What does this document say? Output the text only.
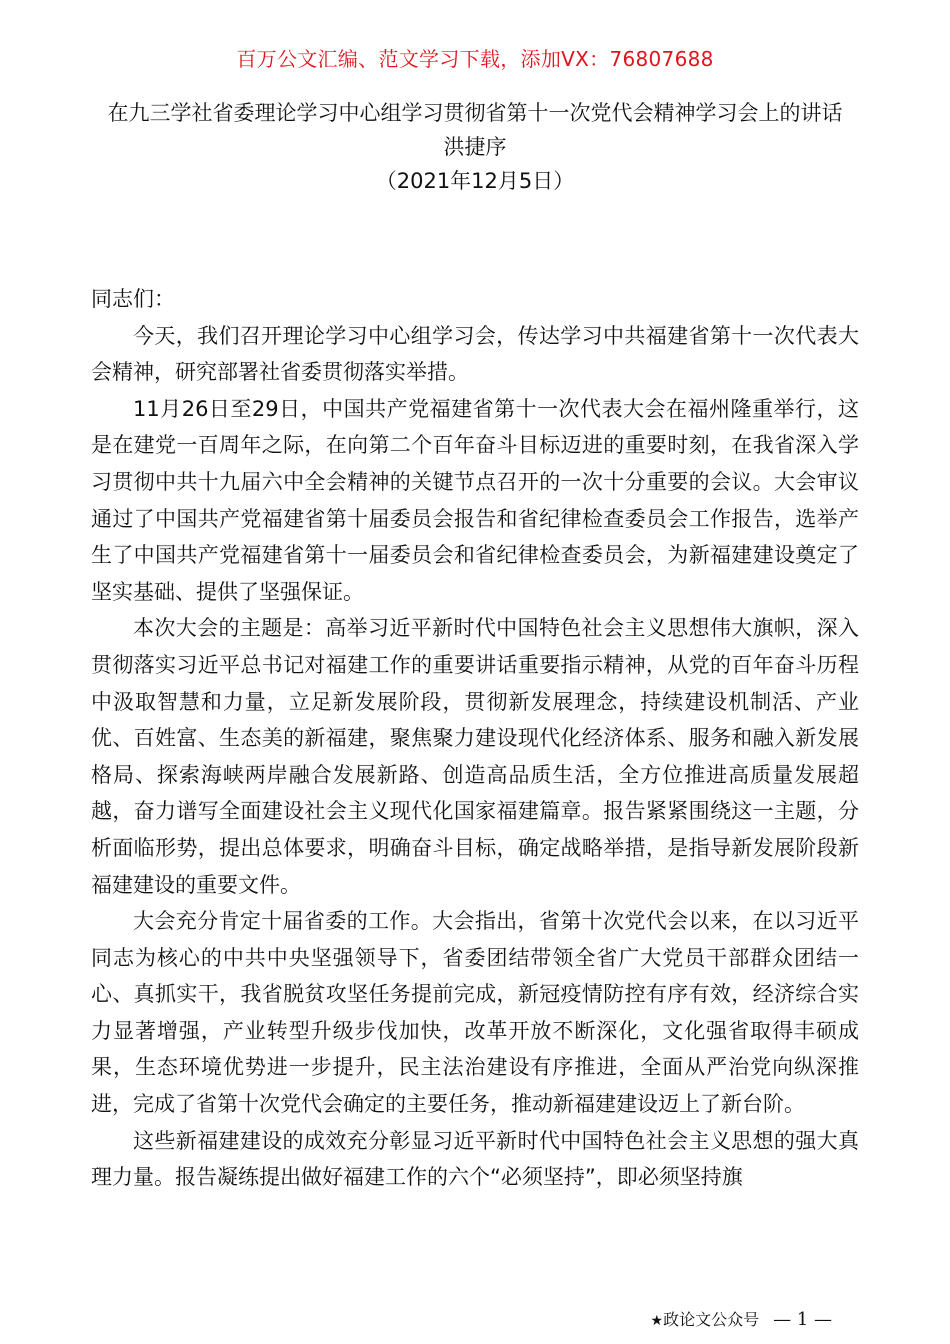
百万公文汇编、范文学习下载，添加VX：76807688
在九三学社省委理论学习中心组学习贯彻省第十一次党代会精神学习会上的讲话

洪捷序

（2021年12月5日）

同志们：

今天，我们召开理论学习中心组学习会，传达学习中共福建省第十一次代表大会精神，研究部署社省委贯彻落实举措。

11月26日至29日，中国共产党福建省第十一次代表大会在福州隆重举行，这是在建党一百周年之际，在向第二个百年奋斗目标迈进的重要时刻，在我省深入学习贯彻中共十九届六中全会精神的关键节点召开的一次十分重要的会议。大会审议通过了中国共产党福建省第十届委员会报告和省纪律检查委员会工作报告，选举产生了中国共产党福建省第十一届委员会和省纪律检查委员会，为新福建建设奠定了坚实基础、提供了坚强保证。

本次大会的主题是：高举习近平新时代中国特色社会主义思想伟大旗帜，深入贯彻落实习近平总书记对福建工作的重要讲话重要指示精神，从党的百年奋斗历程中汲取智慧和力量，立足新发展阶段，贯彻新发展理念，持续建设机制活、产业优、百姓富、生态美的新福建，聚焦聚力建设现代化经济体系、服务和融入新发展格局、探索海峡两岸融合发展新路、创造高品质生活，全方位推进高质量发展超越，奋力谱写全面建设社会主义现代化国家福建篇章。报告紧紧围绕这一主题，分析面临形势，提出总体要求，明确奋斗目标，确定战略举措，是指导新发展阶段新福建建设的重要文件。

大会充分肯定十届省委的工作。大会指出，省第十次党代会以来，在以习近平同志为核心的中共中央坚强领导下，省委团结带领全省广大党员干部群众团结一心、真抓实干，我省脱贫攻坚任务提前完成，新冠疫情防控有序有效，经济综合实力显著增强，产业转型升级步伐加快，改革开放不断深化，文化强省取得丰硕成果，生态环境优势进一步提升，民主法治建设有序推进，全面从严治党向纵深推进，完成了省第十次党代会确定的主要任务，推动新福建建设迈上了新台阶。

这些新福建建设的成效充分彰显习近平新时代中国特色社会主义思想的强大真理力量。报告凝练提出做好福建工作的六个“必须坚持”，即必须坚持旗

★政论文公众号 — 1 —
